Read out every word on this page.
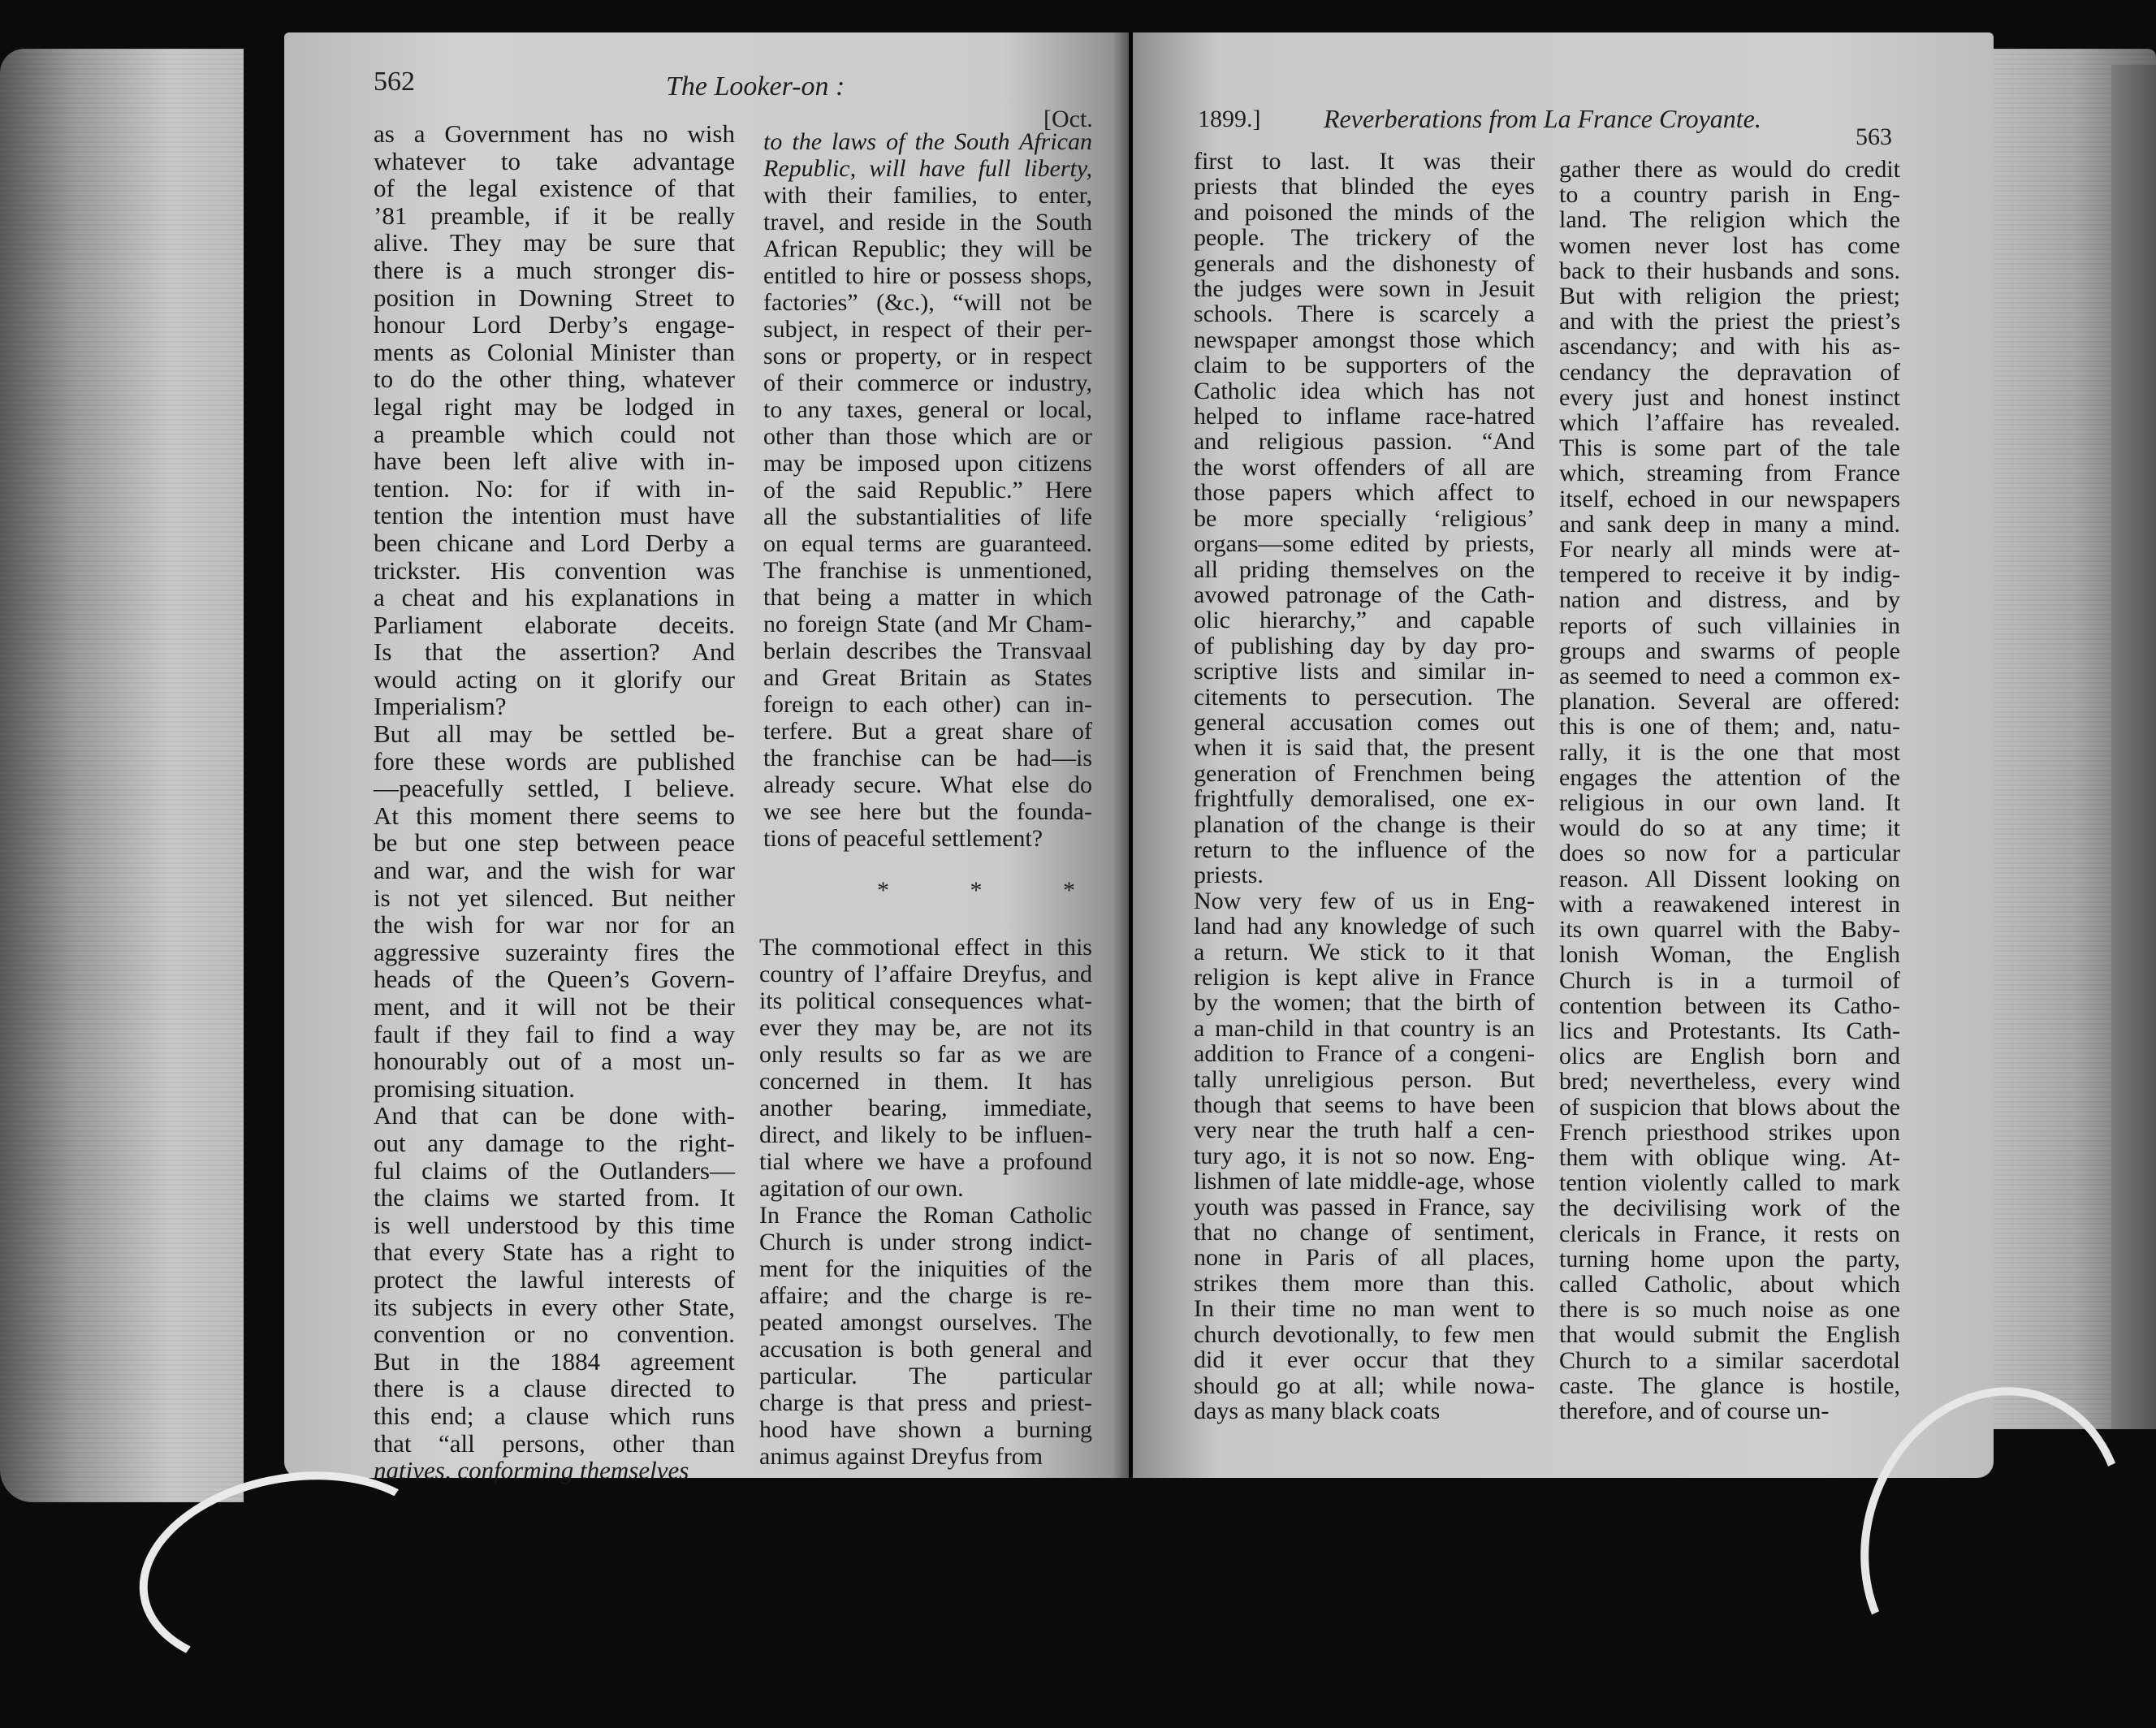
562	The Looker-on :
[Oct.
as a Government has no wish
whatever to take advantage
of the legal existence of that
’81 preamble, if it be really
alive. They may be sure that
there is a much stronger dis-
position in Downing Street to
honour Lord Derby’s engage-
ments as Colonial Minister than
to do the other thing, whatever
legal right may be lodged in
a preamble which could not
have been left alive with in-
tention. No: for if with in-
tention the intention must have
been chicane and Lord Derby a
trickster. His convention was
a cheat and his explanations in
Parliament elaborate deceits.
Is that the assertion? And
would acting on it glorify our
Imperialism?
But all may be settled be-
fore these words are published
—peacefully settled, I believe.
At this moment there seems to
be but one step between peace
and war, and the wish for war
is not yet silenced. But neither
the wish for war nor for an
aggressive suzerainty fires the
heads of the Queen’s Govern-
ment, and it will not be their
fault if they fail to find a way
honourably out of a most un-
promising situation.
And that can be done with-
out any damage to the right-
ful claims of the Outlanders—
the claims we started from. It
is well understood by this time
that every State has a right to
protect the lawful interests of
its subjects in every other State,
convention or no convention.
But in the 1884 agreement
there is a clause directed to
this end; a clause which runs
that “all persons, other than
natives, conforming themselves
to the laws of the South African
Republic, will have full liberty,
with their families, to enter,
travel, and reside in the South
African Republic; they will be
entitled to hire or possess shops,
factories” (&c.), “will not be
subject, in respect of their per-
sons or property, or in respect
of their commerce or industry,
to any taxes, general or local,
other than those which are or
may be imposed upon citizens
of the said Republic.” Here
all the substantialities of life
on equal terms are guaranteed.
The franchise is unmentioned,
that being a matter in which
no foreign State (and Mr Cham-
berlain describes the Transvaal
and Great Britain as States
foreign to each other) can in-
terfere. But a great share of
the franchise can be had—is
already secure. What else do
we see here but the founda-
tions of peaceful settlement?
* * *
The commotional effect in this
country of l’affaire Dreyfus, and
its political consequences what-
ever they may be, are not its
only results so far as we are
concerned in them. It has
another bearing, immediate,
direct, and likely to be influen-
tial where we have a profound
agitation of our own.
In France the Roman Catholic
Church is under strong indict-
ment for the iniquities of the
affaire; and the charge is re-
peated amongst ourselves. The
accusation is both general and
particular. The particular
charge is that press and priest-
hood have shown a burning
animus against Dreyfus from
1899.] Reverberations from La France Croyante.
563
first to last. It was their
priests that blinded the eyes
and poisoned the minds of the
people. The trickery of the
generals and the dishonesty of
the judges were sown in Jesuit
schools. There is scarcely a
newspaper amongst those which
claim to be supporters of the
Catholic idea which has not
helped to inflame race-hatred
and religious passion. “And
the worst offenders of all are
those papers which affect to
be more specially ‘religious’
organs—some edited by priests,
all priding themselves on the
avowed patronage of the Cath-
olic hierarchy,” and capable
of publishing day by day pro-
scriptive lists and similar in-
citements to persecution. The
general accusation comes out
when it is said that, the present
generation of Frenchmen being
frightfully demoralised, one ex-
planation of the change is their
return to the influence of the
priests.
Now very few of us in Eng-
land had any knowledge of such
a return. We stick to it that
religion is kept alive in France
by the women; that the birth of
a man-child in that country is an
addition to France of a congeni-
tally unreligious person. But
though that seems to have been
very near the truth half a cen-
tury ago, it is not so now. Eng-
lishmen of late middle-age, whose
youth was passed in France, say
that no change of sentiment,
none in Paris of all places,
strikes them more than this.
In their time no man went to
church devotionally, to few men
did it ever occur that they
should go at all; while nowa-
days as many black coats
gather there as would do credit
to a country parish in Eng-
land. The religion which the
women never lost has come
back to their husbands and sons.
But with religion the priest;
and with the priest the priest’s
ascendancy; and with his as-
cendancy the depravation of
every just and honest instinct
which l’affaire has revealed.
This is some part of the tale
which, streaming from France
itself, echoed in our newspapers
and sank deep in many a mind.
For nearly all minds were at-
tempered to receive it by indig-
nation and distress, and by
reports of such villainies in
groups and swarms of people
as seemed to need a common ex-
planation. Several are offered:
this is one of them; and, natu-
rally, it is the one that most
engages the attention of the
religious in our own land. It
would do so at any time; it
does so now for a particular
reason. All Dissent looking on
with a reawakened interest in
its own quarrel with the Baby-
lonish Woman, the English
Church is in a turmoil of
contention between its Catho-
lics and Protestants. Its Cath-
olics are English born and
bred; nevertheless, every wind
of suspicion that blows about the
French priesthood strikes upon
them with oblique wing. At-
tention violently called to mark
the decivilising work of the
clericals in France, it rests on
turning home upon the party,
called Catholic, about which
there is so much noise as one
that would submit the English
Church to a similar sacerdotal
caste. The glance is hostile,
therefore, and of course un-
